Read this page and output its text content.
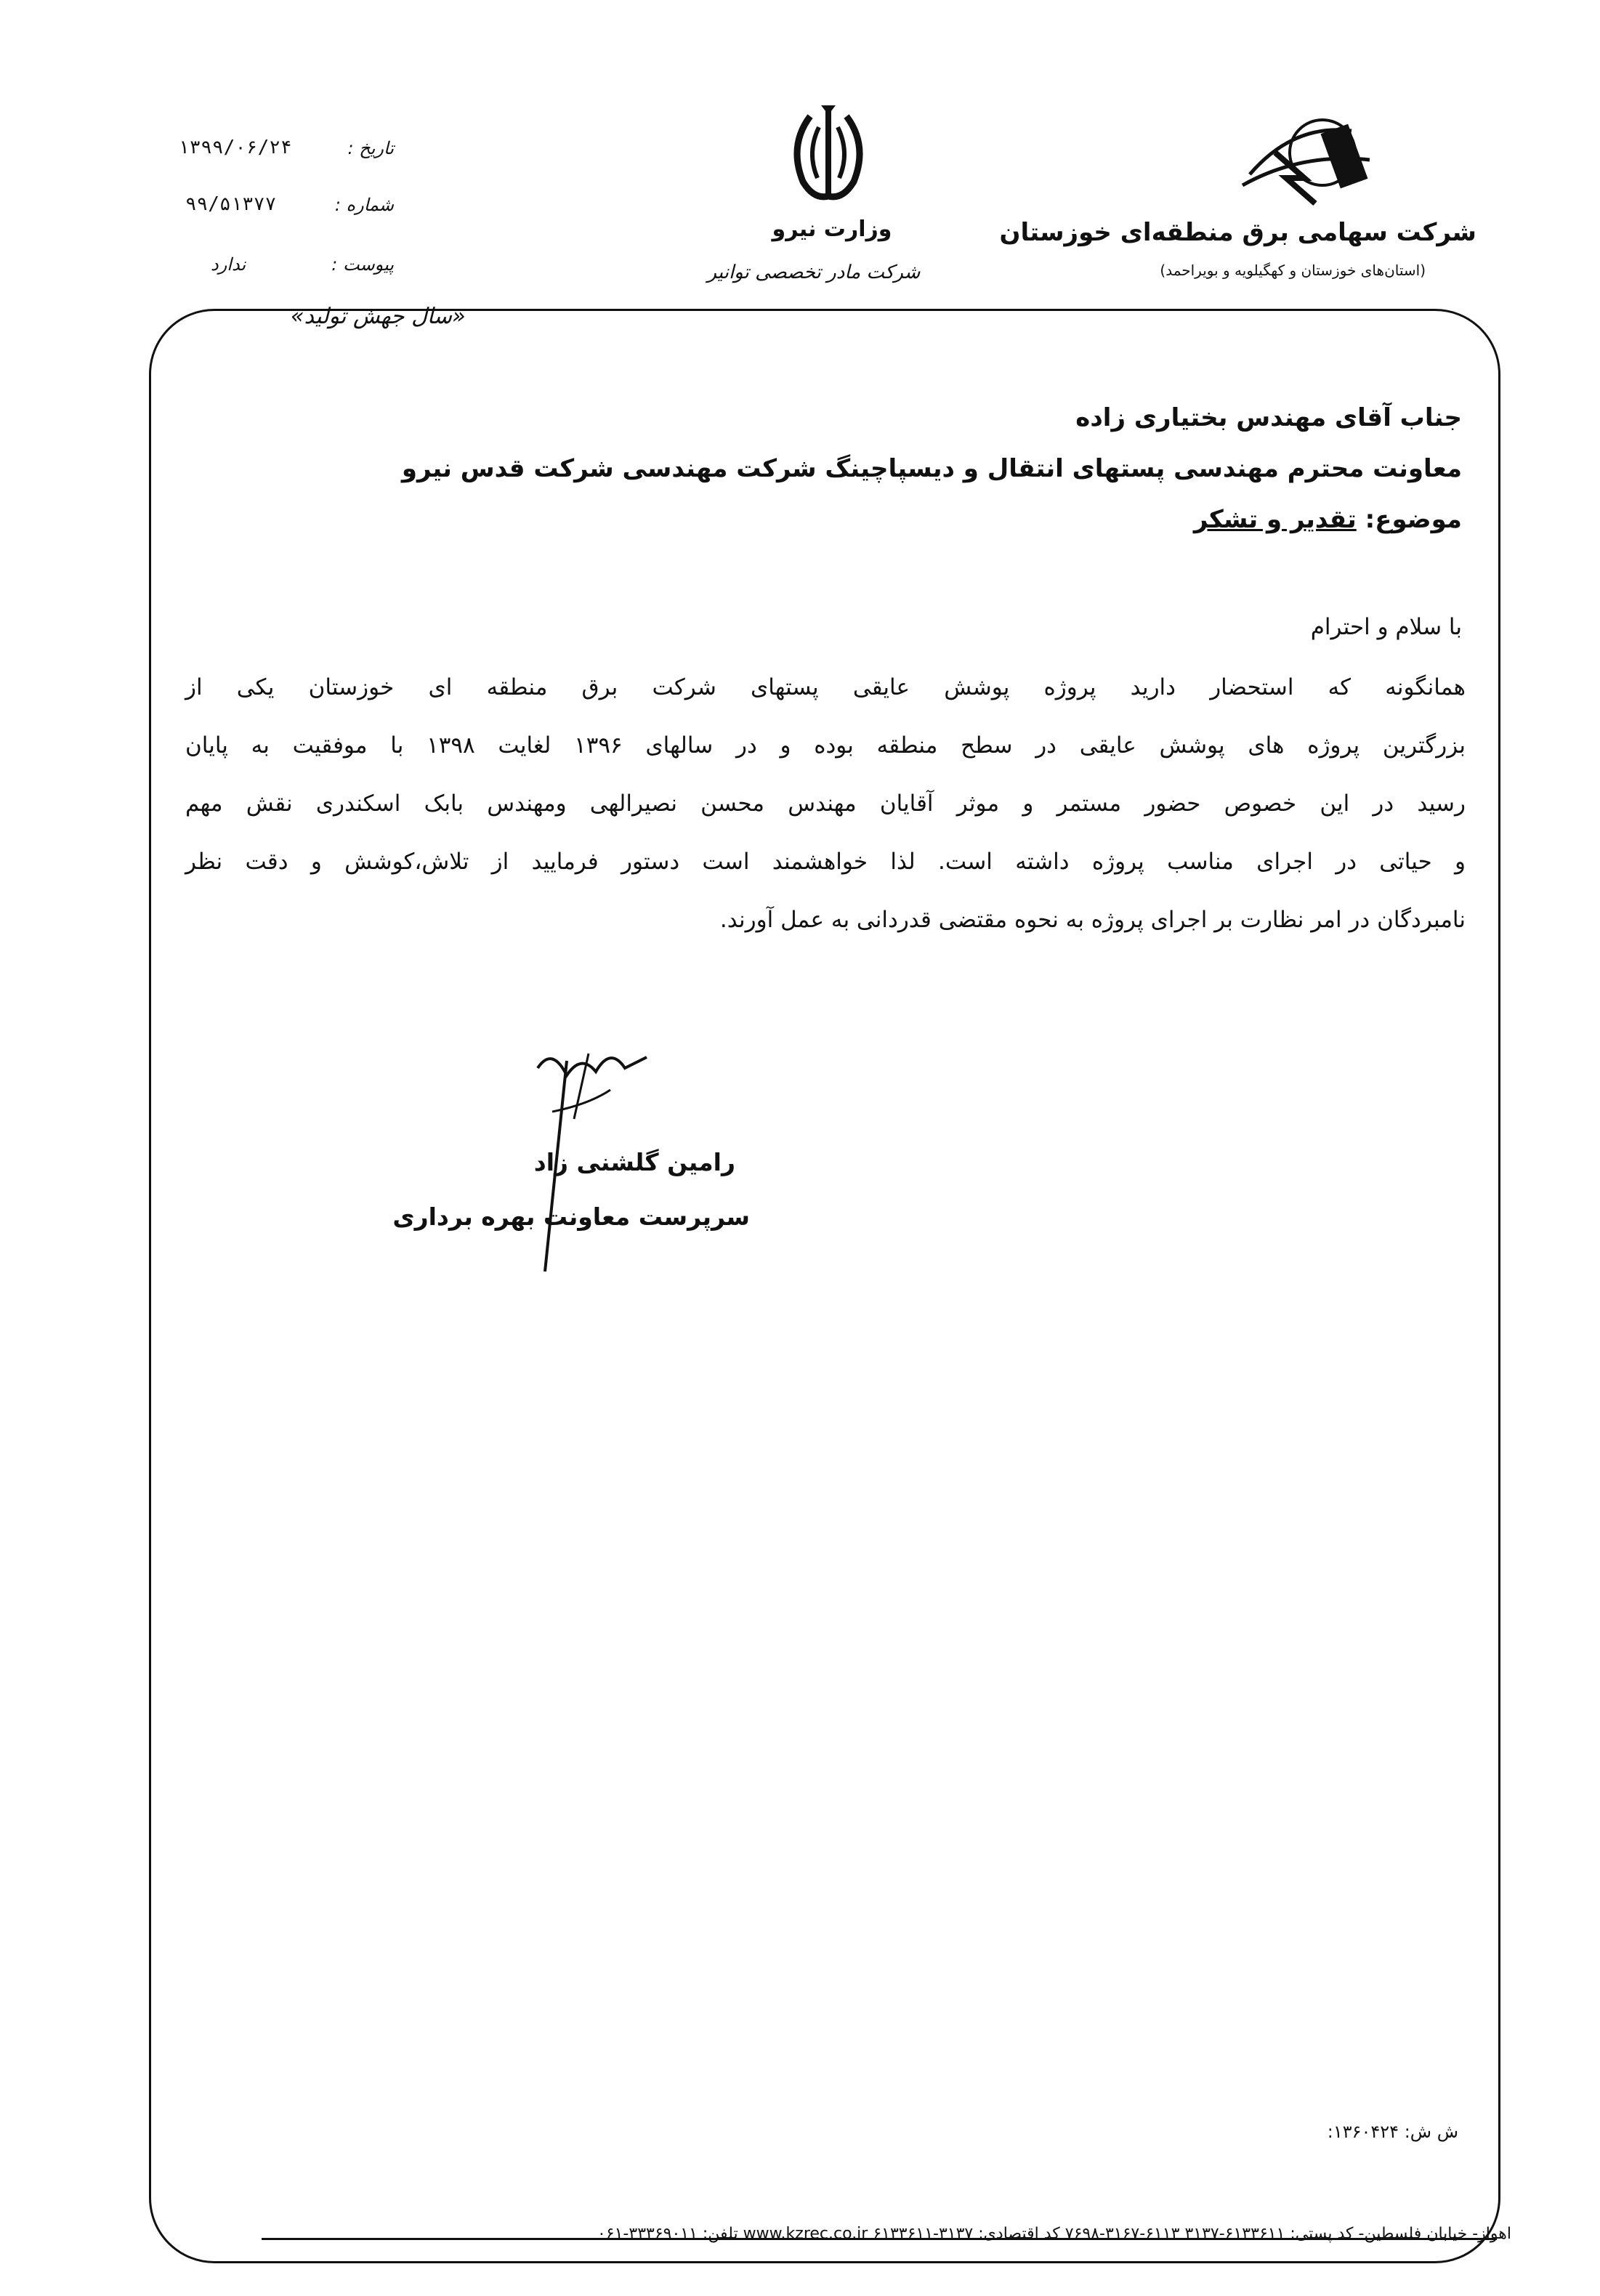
شرکت سهامی برق منطقه‌ای خوزستان
(استان‌های خوزستان و کهگیلویه و بویراحمد)
وزارت نیرو
شرکت مادر تخصصی توانیر
تاریخ :
۱۳۹۹/۰۶/۲۴
شماره :
۹۹/۵۱۳۷۷
پیوست :
ندارد
«سال جهش تولید»
جناب آقای مهندس بختیاری زاده
معاونت محترم مهندسی پستهای انتقال و دیسپاچینگ شرکت مهندسی شرکت قدس نیرو
موضوع: تقدیر و تشکر
با سلام و احترام
همانگونه که استحضار دارید پروژه پوشش عایقی پستهای شرکت برق منطقه ای خوزستان یکی از
بزرگترین پروژه های پوشش عایقی در سطح منطقه بوده و در سالهای ۱۳۹۶ لغایت ۱۳۹۸ با موفقیت به پایان
رسید در این خصوص حضور مستمر و موثر آقایان مهندس محسن نصیرالهی ومهندس بابک اسکندری نقش مهم
و حیاتی در اجرای مناسب پروژه داشته است. لذا خواهشمند است دستور فرمایید از تلاش،کوشش و دقت نظر
نامبردگان در امر نظارت بر اجرای پروژه به نحوه مقتضی قدردانی به عمل آورند.
رامین گلشنی زاد
سرپرست معاونت بهره برداری
ش ش: ۱۳۶۰۴۲۴:
اهواز- خیابان فلسطین- کد پستی: ۶۱۳۳۶۱۱-۳۱۳۷ ۶۱۱۳-۳۱۶۷-۷۶۹۸ کد اقتصادی: www.kzrec.co.ir ۶۱۳۳۶۱۱-۳۱۳۷ تلفن: ۳۳۳۶۹۰۱۱-۰۶۱
